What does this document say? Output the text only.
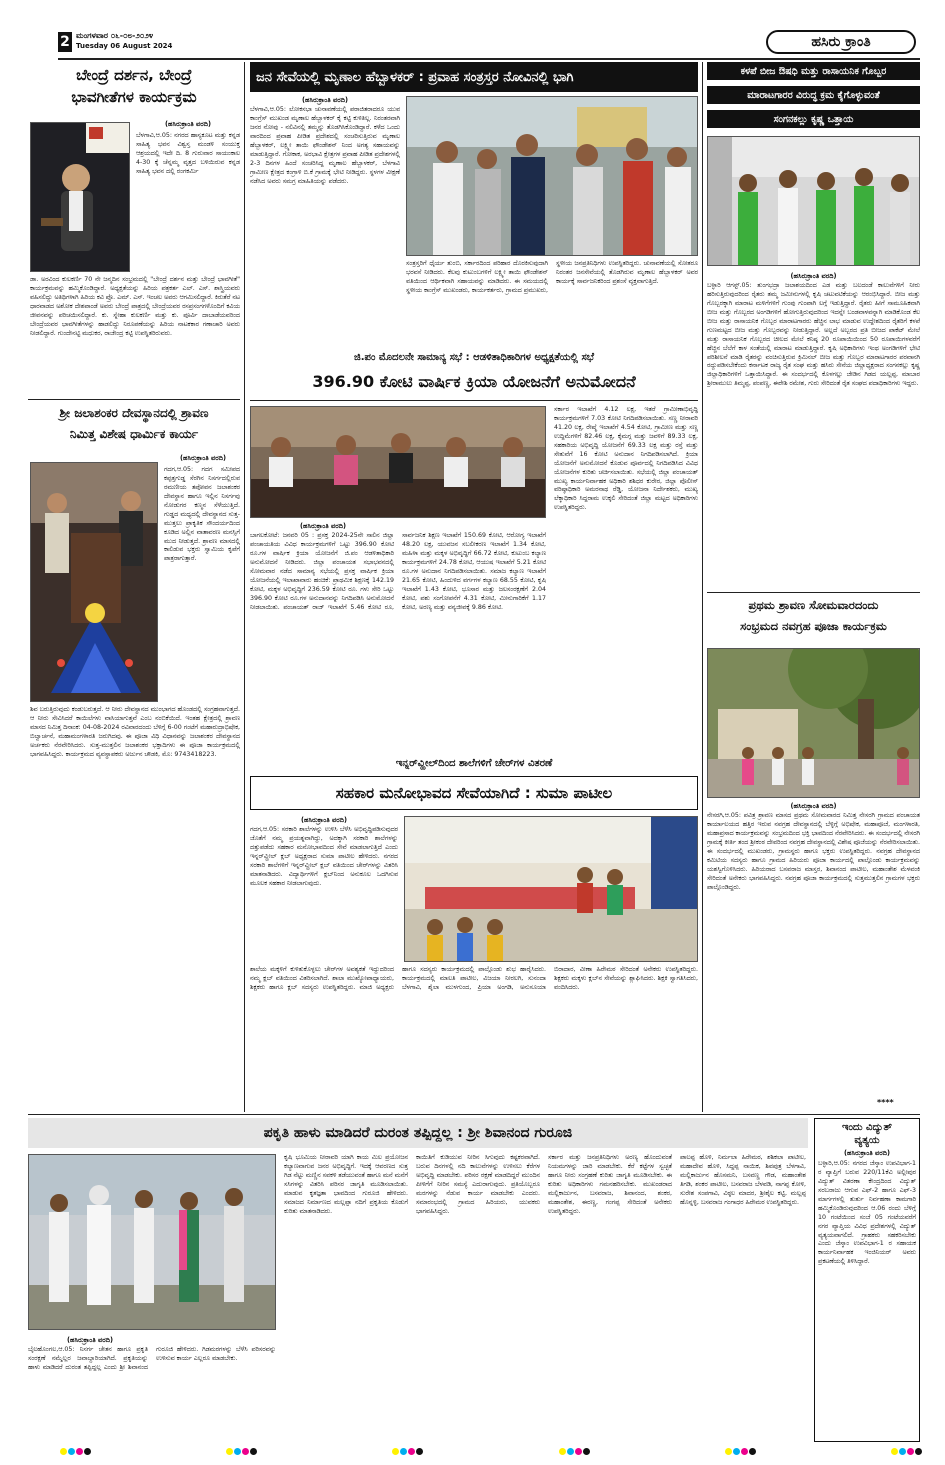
2 ಮಂಗಳವಾರ ೦೬-೦೮-೨೦೨೪
Tuesday 06 August 2024	ಹಸಿರು ಕ್ರಾಂತಿ
ಬೇಂದ್ರೆ ದರ್ಶನ, ಬೇಂದ್ರೆ
ಭಾವಗೀತೆಗಳ ಕಾರ್ಯಕ್ರಮ
(ಹಸಿರುಕ್ರಾಂತಿ ವರದಿ)
ಬೆಳಗಾವಿ,ಆ.05: ನಗರದ ಹಾಸ್ಯಕೂಟ ಮತ್ತು ಕನ್ನಡ ಸಾಹಿತ್ಯ ಭವನ ವಿಶ್ವಸ್ತ ಮಂಡಳಿ ಸಂಯುಕ್ತ ಆಶ್ರಯದಲ್ಲಿ ಇದೇ ದಿ. 8 ಗುರುವಾರ ಸಾಯಂಕಾಲ 4-30 ಕ್ಕೆ ಚೆನ್ನಮ್ಮ ವೃತ್ತದ ಬಳಿಯಿರುವ ಕನ್ನಡ ಸಾಹಿತ್ಯ ಭವನ ದಲ್ಲಿ ರಂಗಕರ್ಮಿ
ಡಾ. ಅರವಿಂದ ಕುಲಕರ್ಣಿ 70 ನೇ ಜನ್ಮದಿನ ಸಂಭ್ರಮದಲ್ಲಿ "ಬೇಂದ್ರೆ ದರ್ಶನ ಮತ್ತು ಬೇಂದ್ರೆ ಭಾವಗೀತೆ" ಕಾರ್ಯಕ್ರಮವನ್ನು ಹಮ್ಮಿಕೊಂಡಿದ್ದಾರೆ. ಅಧ್ಯಕ್ಷತೆಯನ್ನು ಹಿರಿಯ ಪತ್ರಕರ್ತ ಎಲ್. ಎಸ್. ಶಾಸ್ತ್ರಿಯವರು ವಹಿಸಲಿದ್ದು ಅತಿಥಿಗಳಾಗಿ ಹಿರಿಯ ಕವಿ ಪ್ರೊ. ಎಮ್. ಎಸ್. ಇಂಚಲ ಅವರು ಆಗಮಿಸಲಿದ್ದಾರೆ. ಕಿರುತೆರೆ ನಟ ಧಾರವಾಡದ ಅಶೋಕ ದೇಶಪಾಂಡೆ ಅವರು ಬೇಂದ್ರೆ ಪಾತ್ರದಲ್ಲಿ ಬೇಂದ್ರೆಯವರ ರಸಪ್ರಸಂಗಗಳೊಂದಿಗೆ ಕವಿಯ ಜೀವನವನ್ನು ಪರಿಚಯಿಸಲಿದ್ದಾರೆ. ಕು. ಸ್ನೇಹಾ ಕುಲಕರ್ಣಿ ಮತ್ತು ಕು. ಪೂರ್ವಿ ದಾಬಾಡೆಯವರಿಂದ ಬೇಂದ್ರೆಯವರ ಭಾವಗೀತೆಗಳನ್ನು ಹಾಡಲಿದ್ದು ನಿರೂಪಣೆಯನ್ನು ಹಿರಿಯ ನಾಟಕಕಾರ ಗಣಾಚಾರಿ ಅವರು ನೀಡಲಿದ್ದಾರೆ. ಗುಂದೇನಟ್ಟಿ ಮಧುಕರ, ರಾಜೇಂದ್ರ ಕಟ್ಟಿ ಉಪಸ್ಥಿತರಿರುವರು.
ಶ್ರೀ ಜಲಾಶಂಕರ ದೇವಸ್ಥಾನದಲ್ಲಿ ಶ್ರಾವಣ
ನಿಮಿತ್ತ ವಿಶೇಷ ಧಾರ್ಮಿಕ ಕಾರ್ಯ
(ಹಸಿರುಕ್ರಾಂತಿ ವರದಿ)
ಗದಗ,ಆ.05: ಗದಗ ಸಮೀಪದ ಕಪ್ಪತ್ತಗುಡ್ಡ ಸೆರಗಿನ ನಿಸರ್ಗದಲ್ಲಿರುವ ರಮಣೀಯ ತಪೋವನ ಜಲಾಶಂಕರ ದೇವಸ್ಥಾನ ಹಾಗೂ ಇಲ್ಲಿನ ನಿಸರ್ಗವು ನೋಡುಗರ ಕಣ್ಮನ ಸೆಳೆಯುತ್ತಿದೆ. ಗುಡ್ಡದ ಮಧ್ಯದಲ್ಲಿ ದೇವಸ್ಥಾನದ ಸುತ್ತ-ಮುತ್ತಲು ಪ್ರಾಕೃತಿಕ ಸೌಂದರ್ಯದಿಂದ ಕೂಡಿದ ಅಲ್ಲಿನ ವಾತಾವರಣ ಮನಸ್ಸಿಗೆ ಮುದ ನೀಡುತ್ತದೆ. ಶ್ರಾವಣ ಮಾಸದಲ್ಲಿ ಕಾಲಿಡುವ ಭಕ್ತರು ಸ್ವಾಮಿಯ ಕೃಪೆಗೆ ಪಾತ್ರರಾಗುತ್ತಾರೆ.
ಶಿವ ಬರುತ್ತಿರುವುದು ಕಂಡುಬರುತ್ತದೆ. ಆ ನೀರು ದೇವಸ್ಥಾನದ ಮುಂಭಾಗದ ಹೊಂಡದಲ್ಲಿ ಸಂಗ್ರಹವಾಗುತ್ತದೆ. ಆ ನೀರು ಸೇವಿಸಿದರೆ ಕಾಯಿಲೆಗಳು ವಾಸಿಯಾಗುತ್ತವೆ ಎಂಬ ನಂಬಿಕೆಯಿದೆ. ಇಂತಹ ಕ್ಷೇತ್ರದಲ್ಲಿ ಶ್ರಾವಣ ಮಾಸದ ನಿಮಿತ್ತ ದಿನಾಂಕ: 04-08-2024 ರವಿವಾರದಂದು ಬೆಳಿಗ್ಗೆ 6-00 ಗಂಟೆಗೆ ಮಹಾರುದ್ರಾಭಿಷೇಕ, ಬಿಲ್ವಾರ್ಚನೆ, ಮಹಾಮಂಗಳಾರತಿ ಜರುಗಿದವು. ಈ ಪೂಜಾ ವಿಧಿ ವಿಧಾನವನ್ನು ಜಲಾಶಂಕರ ದೇವಸ್ಥಾನದ ಅರ್ಚಕರು ನೆರವೇರಿಸಿದರು. ಸುತ್ತ-ಮುತ್ತಲಿನ ಜಲಾಶಂಕರ ಭಕ್ತಾದಿಗಳು ಈ ಪೂಜಾ ಕಾರ್ಯಕ್ರಮದಲ್ಲಿ ಭಾಗವಹಿಸಿದ್ದರು. ಕಾರ್ಯಕ್ರಮದ ವ್ಯವಸ್ಥಾಪಕರು ಅರ್ಜುನ ಚೌಡಕಿ, ಮೊ: 9743418223.
ಜನ ಸೇವೆಯಲ್ಲಿ ಮೃಣಾಲ ಹೆಬ್ಬಾಳಕರ್ : ಪ್ರವಾಹ ಸಂತ್ರಸ್ತರ ನೋವಿನಲ್ಲಿ ಭಾಗಿ
(ಹಸಿರುಕ್ರಾಂತಿ ವರದಿ)
ಬೆಳಗಾವಿ,ಆ.05: ಲೋಕಸಭಾ ಚುನಾವಣೆಯಲ್ಲಿ ಪರಾಜಿತರಾದರೂ ಯುವ ಕಾಂಗ್ರೆಸ್ ಮುಖಂಡ ಮೃಣಾಲ ಹೆಬ್ಬಾಳಕರ್ ಕೈ ಕಟ್ಟಿ ಕುಳಿತಿಲ್ಲ. ನಿರಂತರವಾಗಿ ಜನರ ನೋವು - ನಲಿವಿನಲ್ಲಿ ತಮ್ಮನ್ನು ತೊಡಗಿಸಿಕೊಂಡಿದ್ದಾರೆ. ಕಳೆದ ಒಂದು ವಾರದಿಂದ ಪ್ರವಾಹ ಪೀಡಿತ ಪ್ರದೇಶದಲ್ಲಿ ಸಂಚರಿಸುತ್ತಿರುವ ಮೃಣಾಲ ಹೆಬ್ಬಾಳಕರ್, ಲಕ್ಷ್ಮೀ ತಾಯಿ ಫೌಂಡೇಶನ್ ನಿಂದ ಅಗತ್ಯ ಸಹಾಯವನ್ನು ಮಾಡುತ್ತಿದ್ದಾರೆ. ಗೋಕಾಕ, ಅರಭಾವಿ ಕ್ಷೇತ್ರಗಳ ಪ್ರವಾಹ ಪೀಡಿತ ಪ್ರದೇಶಗಳಲ್ಲಿ 2-3 ದಿನಗಳ ಹಿಂದೆ ಸಂಚರಿಸಿದ್ದ ಮೃಣಾಲ ಹೆಬ್ಬಾಳಕರ್, ಬೆಳಗಾವಿ ಗ್ರಾಮೀಣ ಕ್ಷೇತ್ರದ ಕಂಗ್ರಾಳಿ ಬಿ.ಕೆ ಗ್ರಾಮಕ್ಕೆ ಭೇಟಿ ನೀಡಿದ್ದರು. ಸ್ಥಳಗಳ ವೀಕ್ಷಣೆ ನಡೆಸಿದ ಅವರು ಸಮಗ್ರ ಮಾಹಿತಿಯನ್ನು ಪಡೆದರು.
ಸಂತ್ರಸ್ತರಿಗೆ ಧೈರ್ಯ ತುಂಬಿ, ಸರ್ಕಾರದಿಂದ ಪರಿಹಾರ ದೊರಕಿಸುವುದಾಗಿ ಭರವಸೆ ನೀಡಿದರು. ಕೆಲವು ಕುಟುಂಬಗಳಿಗೆ ಲಕ್ಷ್ಮೀ ತಾಯಿ ಫೌಂಡೇಶನ್ ವತಿಯಿಂದ ಆರ್ಥಿಕವಾಗಿ ಸಹಾಯವನ್ನು ಮಾಡಿದರು. ಈ ಸಮಯದಲ್ಲಿ ಸ್ಥಳೀಯ ಕಾಂಗ್ರೆಸ್ ಮುಖಂಡರು, ಕಾರ್ಯಕರ್ತರು, ಗ್ರಾಮದ ಪ್ರಮುಖರು, ಸ್ಥಳೀಯ ಜನಪ್ರತಿನಿಧಿಗಳು ಉಪಸ್ಥಿತರಿದ್ದರು. ಚುನಾವಣೆಯಲ್ಲಿ ಸೋತರೂ ನಿರಂತರ ಜನಸೇವೆಯಲ್ಲಿ ತೊಡಗಿರುವ ಮೃಣಾಲ ಹೆಬ್ಬಾಳಕರ್ ಅವರ ಕಾರ್ಯಕ್ಕೆ ಸಾರ್ವಜನಿಕರಿಂದ ಪ್ರಶಂಸೆ ವ್ಯಕ್ತವಾಗುತ್ತಿದೆ.
ಜಿ.ಪಂ ಮೊದಲನೇ ಸಾಮಾನ್ಯ ಸಭೆ : ಆಡಳಿತಾಧಿಕಾರಿಗಳ ಅಧ್ಯಕ್ಷತೆಯಲ್ಲಿ ಸಭೆ
396.90 ಕೋಟಿ ವಾರ್ಷಿಕ ಕ್ರಿಯಾ ಯೋಜನೆಗೆ ಅನುಮೋದನೆ
(ಹಸಿರುಕ್ರಾಂತಿ ವರದಿ)
ಬಾಗಲಕೋಟೆ: ಜನವರಿ 05 : ಪ್ರಸಕ್ತ 2024-25ನೇ ಸಾಲಿನ ಜಿಲ್ಲಾ ಪಂಚಾಯತಿಯ ವಿವಿಧ ಕಾರ್ಯಕ್ರಮಗಳಿಗೆ ಒಟ್ಟು 396.90 ಕೋಟಿ ರೂ.ಗಳ ವಾರ್ಷಿಕ ಕ್ರಿಯಾ ಯೋಜನೆಗೆ ಜಿ.ಪಂ ಆಡಳಿತಾಧಿಕಾರಿ ಅನುಮೋದನೆ ನೀಡಿದರು. ಜಿಲ್ಲಾ ಪಂಚಾಯತ ಸಭಾಭವನದಲ್ಲಿ ಸೋಮವಾರ ನಡೆದ ಸಾಮಾನ್ಯ ಸಭೆಯಲ್ಲಿ ಪ್ರಸಕ್ತ ವಾರ್ಷಿಕ ಕ್ರಿಯಾ ಯೋಜನೆಯಲ್ಲಿ ಇಲಾಖಾವಾರು ಹಂಚಿಕೆ: ಪ್ರಾಥಮಿಕ ಶಿಕ್ಷಣಕ್ಕೆ 142.19 ಕೋಟಿ, ಮಕ್ಕಳ ಅಭಿವೃದ್ಧಿಗೆ 236.59 ಕೋಟಿ ರೂ. ಗಳು ಸೇರಿ ಒಟ್ಟು 396.90 ಕೋಟಿ ರೂ.ಗಳ ಅನುದಾನವನ್ನು ನಿಗದಿಪಡಿಸಿ ಅನುಮೋದನೆ ನೀಡಲಾಯಿತು. ಪಂಚಾಯತ್ ರಾಜ್ ಇಲಾಖೆಗೆ 5.46 ಕೋಟಿ ರೂ, ಸಾರ್ವಜನಿಕ ಶಿಕ್ಷಣ ಇಲಾಖೆಗೆ 150.69 ಕೋಟಿ, ಆರೋಗ್ಯ ಇಲಾಖೆಗೆ 48.20 ಲಕ್ಷ, ಯುವಜನ ಸಬಲೀಕರಣ ಇಲಾಖೆಗೆ 1.34 ಕೋಟಿ, ಮಹಿಳಾ ಮತ್ತು ಮಕ್ಕಳ ಅಭಿವೃದ್ಧಿಗೆ 66.72 ಕೋಟಿ, ಕುಟುಂಬ ಕಲ್ಯಾಣ ಕಾರ್ಯಕ್ರಮಗಳಿಗೆ 24.78 ಕೋಟಿ, ಆಯುಷ ಇಲಾಖೆಗೆ 5.21 ಕೋಟಿ ರೂ.ಗಳ ಅನುದಾನ ನಿಗದಿಪಡಿಸಲಾಯಿತು. ಸಮಾಜ ಕಲ್ಯಾಣ ಇಲಾಖೆಗೆ 21.65 ಕೋಟಿ, ಹಿಂದುಳಿದ ವರ್ಗಗಳ ಕಲ್ಯಾಣ 68.55 ಕೋಟಿ, ಕೃಷಿ ಇಲಾಖೆಗೆ 1.43 ಕೋಟಿ, ಭೂಸಾರ ಮತ್ತು ಜಲಸಂರಕ್ಷಣೆಗೆ 2.04 ಕೋಟಿ, ಪಶು ಸಂಗೋಪನೆಗೆ 4.31 ಕೋಟಿ, ಮೀನುಗಾರಿಕೆಗೆ 1.17 ಕೋಟಿ, ಅರಣ್ಯ ಮತ್ತು ವನ್ಯಜೀವಕ್ಕೆ 9.86 ಕೋಟಿ.
ಸರ್ಕಾರ ಇಲಾಖೆಗೆ 4.12 ಲಕ್ಷ, ಇತರೆ ಗ್ರಾಮೀಣಾಭಿವೃದ್ಧಿ ಕಾರ್ಯಕ್ರಮಗಳಿಗೆ 7.03 ಕೋಟಿ ನಿಗದಿಪಡಿಸಲಾಯಿತು. ಸಣ್ಣ ನೀರಾವರಿ 41.20 ಲಕ್ಷ, ರೇಷ್ಮೆ ಇಲಾಖೆಗೆ 4.54 ಕೋಟಿ, ಗ್ರಾಮೀಣ ಮತ್ತು ಸಣ್ಣ ಉದ್ದಿಮೆಗಳಿಗೆ 82.46 ಲಕ್ಷ, ಕೈಮಗ್ಗ ಮತ್ತು ಜವಳಿಗೆ 89.33 ಲಕ್ಷ, ಸಹಕಾರಿಯ ಅಭಿವೃದ್ಧಿ ಯೋಜನೆಗೆ 69.33 ಲಕ್ಷ ಮತ್ತು ರಸ್ತೆ ಮತ್ತು ಸೇತುವೆಗೆ 16 ಕೋಟಿ ಅನುದಾನ ನಿಗದಿಪಡಿಸಲಾಗಿದೆ. ಕ್ರಿಯಾ ಯೋಜನೆಗೆ ಅನುಮೋದನೆ ಕೊಡುವ ಪೂರ್ವದಲ್ಲಿ ನಿಗದಿಪಡಿಸಿದ ವಿವಿಧ ಯೋಜನೆಗಳ ಕುರಿತು ಚರ್ಚಿಸಲಾಯಿತು. ಸಭೆಯಲ್ಲಿ ಜಿಲ್ಲಾ ಪಂಚಾಯತ್ ಮುಖ್ಯ ಕಾರ್ಯನಿರ್ವಾಹಕ ಅಧಿಕಾರಿ ಶಶಿಧರ ಕುರೇರ, ಜಿಲ್ಲಾ ಪೊಲೀಸ್ ವರಿಷ್ಠಾಧಿಕಾರಿ ಅಮರನಾಥ ರೆಡ್ಡಿ, ಯೋಜನಾ ನಿರ್ದೇಶಕರು, ಮುಖ್ಯ ಲೆಕ್ಕಾಧಿಕಾರಿ ಸಿದ್ದರಾಮ ಉಕ್ಕಲಿ ಸೇರಿದಂತೆ ಜಿಲ್ಲಾ ಮಟ್ಟದ ಅಧಿಕಾರಿಗಳು ಉಪಸ್ಥಿತರಿದ್ದರು.
ಇನ್ನರ್‌ವ್ಹೀಲ್‌ದಿಂದ ಶಾಲೆಗಳಿಗೆ ಚೇರ್‌ಗಳ ವಿತರಣೆ
ಸಹಕಾರ ಮನೋಭಾವದ ಸೇವೆಯಾಗಿದೆ : ಸುಮಾ ಪಾಟೀಲ
(ಹಸಿರುಕ್ರಾಂತಿ ವರದಿ)
ಗದಗ,ಆ.05: ಸರಕಾರಿ ಶಾಲೆಗಳನ್ನು ಉಳಿಸಿ ಬೆಳೆಸಿ ಅಭಿವೃದ್ಧಿಪಡಿಸುವುದರ ಜೊತೆಗೆ ನಮ್ಮ ಪ್ರಯತ್ನವಾಗಿದ್ದು, ಅದಕ್ಕಾಗಿ ಸರಕಾರಿ ಶಾಲೆಗಳನ್ನು ದತ್ತುಪಡೆದು ಸಹಕಾರ ಮನೋಭಾವದಿಂದ ಸೇವೆ ಮಾಡಲಾಗುತ್ತಿದೆ ಎಂದು ಇನ್ನರ್‌ವ್ಹೀಲ್ ಕ್ಲಬ್ ಅಧ್ಯಕ್ಷರಾದ ಸುಮಾ ಪಾಟೀಲ ಹೇಳಿದರು. ನಗರದ ಸರಕಾರಿ ಶಾಲೆಗಳಿಗೆ ಇನ್ನರ್‌ವ್ಹೀಲ್ ಕ್ಲಬ್ ವತಿಯಿಂದ ಚೇರ್‌ಗಳನ್ನು ವಿತರಿಸಿ ಮಾತನಾಡಿದರು. ವಿದ್ಯಾರ್ಥಿಗಳಿಗೆ ಕ್ಲಬ್‌ನಿಂದ ಅನುಕೂಲ ಒದಗಿಸುವ ಮೂಲಕ ಸಹಕಾರ ನೀಡಲಾಗುವುದು.
ಶಾಲೆಯ ಮಕ್ಕಳಿಗೆ ಕುಳಿತುಕೊಳ್ಳಲು ಚೇರ್‌ಗಳ ಅವಶ್ಯಕತೆ ಇದ್ದುದರಿಂದ ನಮ್ಮ ಕ್ಲಬ್ ವತಿಯಿಂದ ವಿತರಿಸಲಾಗಿದೆ. ಶಾಲಾ ಮುಖ್ಯೋಪಾಧ್ಯಾಯರು, ಶಿಕ್ಷಕರು ಹಾಗೂ ಕ್ಲಬ್ ಸದಸ್ಯರು ಉಪಸ್ಥಿತರಿದ್ದರು. ಮಾಜಿ ಅಧ್ಯಕ್ಷರು ಹಾಗೂ ಸದಸ್ಯರು ಕಾರ್ಯಕ್ರಮದಲ್ಲಿ ಪಾಲ್ಗೊಂಡು ಶುಭ ಹಾರೈಸಿದರು. ಕಾರ್ಯಕ್ರಮದಲ್ಲಿ ಮಾಲತಿ ಪಾಟೀಲ, ವಿಜಯಾ ನೀರಲಗಿ, ಸುನಂದಾ ಬೆಳಗಾವಿ, ಶೈಲಾ ಮುಳಗುಂದ, ಪ್ರಿಯಾ ಅಂಗಡಿ, ಅನುಸೂಯಾ ಬಿರಾದಾರ, ವೀಣಾ ಹಿರೇಮಠ ಸೇರಿದಂತೆ ಅನೇಕರು ಉಪಸ್ಥಿತರಿದ್ದರು. ಶಿಕ್ಷಕರು ಮಕ್ಕಳು ಕ್ಲಬ್‌ನ ಸೇವೆಯನ್ನು ಶ್ಲಾಘಿಸಿದರು. ಶಿಕ್ಷಕಿ ಸ್ವಾಗತಿಸಿದರು, ವಂದಿಸಿದರು.
ಕಳಪೆ ಬೀಜ ಔಷಧಿ ಮತ್ತು ರಾಸಾಯನಿಕ ಗೊಬ್ಬರ
ಮಾರಾಟಗಾರರ ವಿರುದ್ಧ ಕ್ರಮ ಕೈಗೊಳ್ಳುವಂತೆ
ಸಂಗನಕಲ್ಲು ಕೃಷ್ಣ ಒತ್ತಾಯ
(ಹಸಿರುಕ್ರಾಂತಿ ವರದಿ)
ಬಳ್ಳಾರಿ ಆಗಸ್ಟ್.05: ತುಂಗಭದ್ರಾ ಜಲಾಶಯದಿಂದ ಎಡ ಮತ್ತು ಬಲದಂಡೆ ಕಾಲುವೆಗಳಿಗೆ ನೀರು ಹರಿಸುತ್ತಿರುವುದರಿಂದ ರೈತರು ತಮ್ಮ ಜಮೀನುಗಳಲ್ಲಿ ಕೃಷಿ ಚಟುವಟಿಕೆಯನ್ನು ಆರಂಭಿಸಿದ್ದಾರೆ. ಬೀಜ ಮತ್ತು ಗೊಬ್ಬರಕ್ಕಾಗಿ ಮಾರಾಟ ಮಳಿಗೆಗಳಿಗೆ ಗುಂಪು ಗುಂಪಾಗಿ ಲಗ್ಗೆ ಇಡುತ್ತಿದ್ದಾರೆ. ರೈತರು ಹೀಗೆ ಸಾಮೂಹಿಕವಾಗಿ ಬೀಜ ಮತ್ತು ಗೊಬ್ಬರದ ಅಂಗಡಿಗಳಿಗೆ ಹೋಗುತ್ತಿರುವುದರಿಂದ ಇದನ್ನೇ ಬಂಡವಾಳವನ್ನಾಗಿ ಮಾಡಿಕೊಂಡ ಕೆಲ ಬೀಜ ಮತ್ತು ರಾಸಾಯನಿಕ ಗೊಬ್ಬರ ಮಾರಾಟಗಾರರು ಹೆಚ್ಚಿನ ಲಾಭ ಮಾಡುವ ಉದ್ದೇಶದಿಂದ ರೈತರಿಗೆ ಕಳಪೆ ಗುಣಮಟ್ಟದ ಬೀಜ ಮತ್ತು ಗೊಬ್ಬರವನ್ನು ನೀಡುತ್ತಿದ್ದಾರೆ. ಅಲ್ಲದೆ ಅಬ್ಬರದ ಪ್ರತಿ ಬೀಜದ ಪಾಕೆಟ್ ಮೇಲೆ ಮತ್ತು ರಾಸಾಯನಿಕ ಗೊಬ್ಬರದ ಚೀಲದ ಮೇಲೆ ಕನಿಷ್ಠ 20 ರೂಪಾಯಿಯಿಂದ 50 ರೂಪಾಯಿಗಳವರೆಗೆ ಹೆಚ್ಚಿನ ಬೆಲೆಗೆ ಕಾಳ ಸಂತೆಯಲ್ಲಿ ಮಾರಾಟ ಮಾಡುತ್ತಿದ್ದಾರೆ. ಕೃಷಿ ಅಧಿಕಾರಿಗಳು ಇಂಥ ಅಂಗಡಿಗಳಿಗೆ ಭೇಟಿ ಪರಿಶೀಲನೆ ಮಾಡಿ ರೈತರನ್ನು ವಂಚಿಸುತ್ತಿರುವ ಕ್ರಿಮಿನಲ್ ಬೀಜ ಮತ್ತು ಗೊಬ್ಬರ ಮಾರಾಟಗಾರರ ಪರವಾನಗಿ ರದ್ದುಪಡಿಸಬೇಕೆಂದು ಕರ್ನಾಟಕ ರಾಜ್ಯ ರೈತ ಸಂಘ ಮತ್ತು ಹಸಿರು ಸೇನೆಯ ಜಿಲ್ಲಾಧ್ಯಕ್ಷರಾದ ಸಂಗನಕಲ್ಲು ಕೃಷ್ಣ ಜಿಲ್ಲಾಧಿಕಾರಿಗಳಿಗೆ ಒತ್ತಾಯಿಸಿದ್ದಾರೆ. ಈ ಸಂದರ್ಭದಲ್ಲಿ ಕೊಳಗಲ್ಲು ಜೇಡಿನ ಗಿಡದ ಯಲ್ಲಪ್ಪ, ಮಾಬಾರ ಶ್ರೀರಾಮುಲು ತಿಮ್ಮಪ್ಪ, ಪಂಪಣ್ಣ, ಈರೇಶಿ ರಮೇಶ, ಗುರು ಸೇರಿದಂತೆ ರೈತ ಸಂಘದ ಪದಾಧಿಕಾರಿಗಳು ಇದ್ದರು.
ಪ್ರಥಮ ಶ್ರಾವಣ ಸೋಮವಾರದಂದು
ಸಂಭ್ರಮದ ನವಗ್ರಹ ಪೂಜಾ ಕಾರ್ಯಕ್ರಮ
(ಹಸಿರುಕ್ರಾಂತಿ ವರದಿ)
ನೇಸರಗಿ,ಆ.05: ಪವಿತ್ರ ಶ್ರಾವಣ ಮಾಸದ ಪ್ರಥಮ ಸೋಮವಾರದ ನಿಮಿತ್ತ ನೇಸರಗಿ ಗ್ರಾಮದ ಪಂಚಾಯತ ಕಾರ್ಯಾಲಯದ ಹತ್ತಿರ ಇರುವ ನವಗ್ರಹ ದೇವಸ್ಥಾನದಲ್ಲಿ ಬೆಳ್ಳಿಗ್ಗೆ ಅಭಿಷೇಕ, ಮಹಾಪೂಜೆ, ಮಂಗಳಾರತಿ, ಮಹಾಪ್ರಸಾದ ಕಾರ್ಯಕ್ರಮವನ್ನು ಸಂಭ್ರಮದಿಂದ ಭಕ್ತಿ ಭಾವದಿಂದ ನೆರವೇರಿಸಿದರು. ಈ ಸಂದರ್ಭದಲ್ಲಿ ನೇಸರಗಿ ಗ್ರಾಮಕ್ಕೆ ಕೀರ್ತಿ ತಂದ ಶ್ರೀಕಂಠ ದೇವರಿಂದ ನವಗ್ರಹ ದೇವಸ್ಥಾನದಲ್ಲಿ ವಿಶೇಷ ಪೂಜೆಯನ್ನು ನೆರವೇರಿಸಲಾಯಿತು. ಈ ಸಂದರ್ಭದಲ್ಲಿ ಮುಖಂಡರು, ಗ್ರಾಮಸ್ಥರು ಹಾಗೂ ಭಕ್ತರು ಉಪಸ್ಥಿತರಿದ್ದರು. ನವಗ್ರಹ ದೇವಸ್ಥಾನದ ಕಮಿಟಿಯ ಸದಸ್ಯರು ಹಾಗೂ ಗ್ರಾಮದ ಹಿರಿಯರು ಪೂಜಾ ಕಾರ್ಯದಲ್ಲಿ ಪಾಲ್ಗೊಂಡು ಕಾರ್ಯಕ್ರಮವನ್ನು ಯಶಸ್ವಿಗೊಳಿಸಿದರು. ಹಿರಿಯರಾದ ಬಸವರಾಜ ಮಾಸ್ತರ, ಶಿವಾನಂದ ಪಾಟೀಲ, ಮಹಾಂತೇಶ ಮೆಳವಂಕಿ ಸೇರಿದಂತೆ ಅನೇಕರು ಭಾಗವಹಿಸಿದ್ದರು. ನವಗ್ರಹ ಪೂಜಾ ಕಾರ್ಯಕ್ರಮದಲ್ಲಿ ಸುತ್ತಮುತ್ತಲಿನ ಗ್ರಾಮಗಳ ಭಕ್ತರು ಪಾಲ್ಗೊಂಡಿದ್ದರು.
****
ಪಕೃತಿ ಹಾಳು ಮಾಡಿದರೆ ದುರಂತ ತಪ್ಪಿದ್ದಲ್ಲ : ಶ್ರೀ ಶಿವಾನಂದ ಗುರೂಜಿ
(ಹಸಿರುಕ್ರಾಂತಿ ವರದಿ)
ಬೈಲಹೊಂಗಲ,ಆ.05: ನಿಸರ್ಗ ಚೇತನ ಹಾಗೂ ಪ್ರಕೃತಿ ಸಂರಕ್ಷಣೆ ನಮ್ಮೆಲ್ಲರ ಜವಾಬ್ದಾರಿಯಾಗಿದೆ. ಪ್ರಕೃತಿಯನ್ನು ಹಾಳು ಮಾಡಿದರೆ ದುರಂತ ತಪ್ಪಿದ್ದಲ್ಲ ಎಂದು ಶ್ರೀ ಶಿವಾನಂದ ಗುರೂಜಿ ಹೇಳಿದರು. ಗಿಡಮರಗಳನ್ನು ಬೆಳೆಸಿ ಪರಿಸರವನ್ನು ಉಳಿಸುವ ಕಾರ್ಯ ಎಲ್ಲರೂ ಮಾಡಬೇಕು.
ಕೃಷಿ ಭೂಮಿಯ ನೀರಾವರಿ ಯಾಗಿ ಕಾಯ ಮಿಲ ಪ್ರಯೋಜನ ಕಲ್ಯಾಣವಾಗುವ ಜನರ ಅಭಿವೃದ್ಧಿಗೆ. ಇದಕ್ಕೆ ಆವರಣದ ಸುತ್ತ ಗಿಡ ನೆಟ್ಟು ಮಣ್ಣಿನ ಸವಕಳಿ ತಡೆಯುವಂತೆ ಹಾಗೂ ಮನೆ ಮನೆಗೆ ಸಸಿಗಳನ್ನು ವಿತರಿಸಿ ಪರಿಸರ ಜಾಗೃತಿ ಮೂಡಿಸಲಾಯಿತು. ಮಾಡುವ ಕೃತಜ್ಞತಾ ಭಾವದಿಂದ ಗುರೂಜಿ ಹೇಳಿದರು. ಸಮಾಜದ ನಿರ್ಮಾಣದ ಮಲ್ಲಪ್ಪಾ ನದಿಗೆ ಪ್ರಕೃತಿಯ ಕೊಡುಗೆ ಕುರಿತು ಮಾತನಾಡಿದರು.
ಕಾಯಿತಿಗೆ ಕುಡಿಯುವ ನೀರಿನ ಸಿಗುವುದು ಕಷ್ಟಕರವಾಗಿದೆ. ಬರುವ ದಿನಗಳಲ್ಲಿ ನದಿ ಕಾಲುವೆಗಳನ್ನು ಉಳಿಸಲು ಕೆರೆಗಳ ಅಭಿವೃದ್ಧಿ ಮಾಡಬೇಕು. ಪರಿಸರ ರಕ್ಷಣೆ ಮಾಡದಿದ್ದರೆ ಮುಂದಿನ ಪೀಳಿಗೆಗೆ ನೀರಿನ ಸಮಸ್ಯೆ ಎದುರಾಗುವುದು. ಪ್ರತಿಯೊಬ್ಬರೂ ಮರಗಳನ್ನು ನೆಡುವ ಕಾರ್ಯ ಮಾಡಬೇಕು ಎಂದರು. ಸಮಾರಂಭದಲ್ಲಿ ಗ್ರಾಮದ ಹಿರಿಯರು, ಯುವಕರು ಭಾಗವಹಿಸಿದ್ದರು.
ಸರ್ಕಾರ ಮತ್ತು ಜನಪ್ರತಿನಿಧಿಗಳು ಅರಣ್ಯ ಹೊಂದುವಂತೆ ನಿಯಮಗಳನ್ನು ಜಾರಿ ಮಾಡಬೇಕು. ಕೆರೆ ಕಟ್ಟೆಗಳ ಸ್ವಚ್ಛತೆ ಹಾಗೂ ನೀರು ಸಂಗ್ರಹಣೆ ಕುರಿತು ಜಾಗೃತಿ ಮೂಡಿಸಬೇಕು. ಈ ಕುರಿತು ಅಧಿಕಾರಿಗಳು ಗಮನಹರಿಸಬೇಕು. ಮುಖಂಡರಾದ ಮಲ್ಲಿಕಾರ್ಜುನ, ಬಸವರಾಜ, ಶಿವಾನಂದ, ಶಂಕರ, ಮಹಾಂತೇಶ, ಈರಣ್ಣ, ಗಂಗಪ್ಪ ಸೇರಿದಂತೆ ಅನೇಕರು ಉಪಸ್ಥಿತರಿದ್ದರು.
ಪಾಲಪ್ಪ ಹೊಳಿ, ನಿರ್ಮಲಾ ಹಿರೇಮಠ, ಶಶಿಕಲಾ ಪಾಟೀಲ, ಮಹಾದೇವ ಹೊಳಿ, ಸಿದ್ದಪ್ಪ ನಾಯಿಕ, ಶಿವಪುತ್ರ ಬೆಳಗಾವಿ, ಮಲ್ಲಿಕಾರ್ಜುನ ಹೊಸಮನಿ, ಬಸವಣ್ಣ ಗೌಡ, ಮಹಾಂತೇಶ ತಿಗಡಿ, ಶಂಕರ ಪಾಟೀಲ, ಬಸವರಾಜ ಬೆಳವಡಿ, ನಾಗಪ್ಪ ಕೋಳಿ, ಸುರೇಶ ಸಂಪಗಾವಿ, ವಿಠ್ಠಲ ಮಾದರ, ಶ್ರೀಶೈಲ ಕಟ್ಟಿ, ಮಲ್ಲಪ್ಪ ಹೊನ್ನಳ್ಳಿ, ಬಸವರಾಜ ಗಂಗಾಧರ ಹಿರೇಮಠ ಉಪಸ್ಥಿತರಿದ್ದರು.
ಇಂದು ವಿದ್ಯುತ್
ವ್ಯತ್ಯಯ
(ಹಸಿರುಕ್ರಾಂತಿ ವರದಿ)
ಬಳ್ಳಾರಿ,ಆ.05: ನಗರದ ಜೆಸ್ಕಾಂ ಉಪವಿಭಾಗ-1 ರ ವ್ಯಾಪ್ತಿಗೆ ಬರುವ 220/11ಕೆವಿ ಅಲ್ಲೀಪುರ ವಿದ್ಯುತ್ ವಿತರಣಾ ಕೇಂದ್ರದಿಂದ ವಿದ್ಯುತ್ ಸರಬರಾಜು ಆಗುವ ಎಫ್-2 ಹಾಗೂ ಎಫ್-3 ಮಾರ್ಗಗಳಲ್ಲಿ ತುರ್ತು ನಿರ್ವಹಣಾ ಕಾಮಗಾರಿ ಹಮ್ಮಿಕೊಂಡಿರುವುದರಿಂದ ಆ.06 ರಂದು ಬೆಳಿಗ್ಗೆ 10 ಗಂಟೆಯಿಂದ ಸಂಜೆ 05 ಗಂಟೆಯವರೆಗೆ ನಗರ ವ್ಯಾಪ್ತಿಯ ವಿವಿಧ ಪ್ರದೇಶಗಳಲ್ಲಿ ವಿದ್ಯುತ್ ವ್ಯತ್ಯಯವಾಗಲಿದೆ. ಗ್ರಾಹಕರು ಸಹಕರಿಸಬೇಕು ಎಂದು ಜೆಸ್ಕಾಂ ಉಪವಿಭಾಗ-1 ರ ಸಹಾಯಕ ಕಾರ್ಯನಿರ್ವಾಹಕ ಇಂಜಿನಿಯರ್ ಅವರು ಪ್ರಕಟಣೆಯಲ್ಲಿ ತಿಳಿಸಿದ್ದಾರೆ.
